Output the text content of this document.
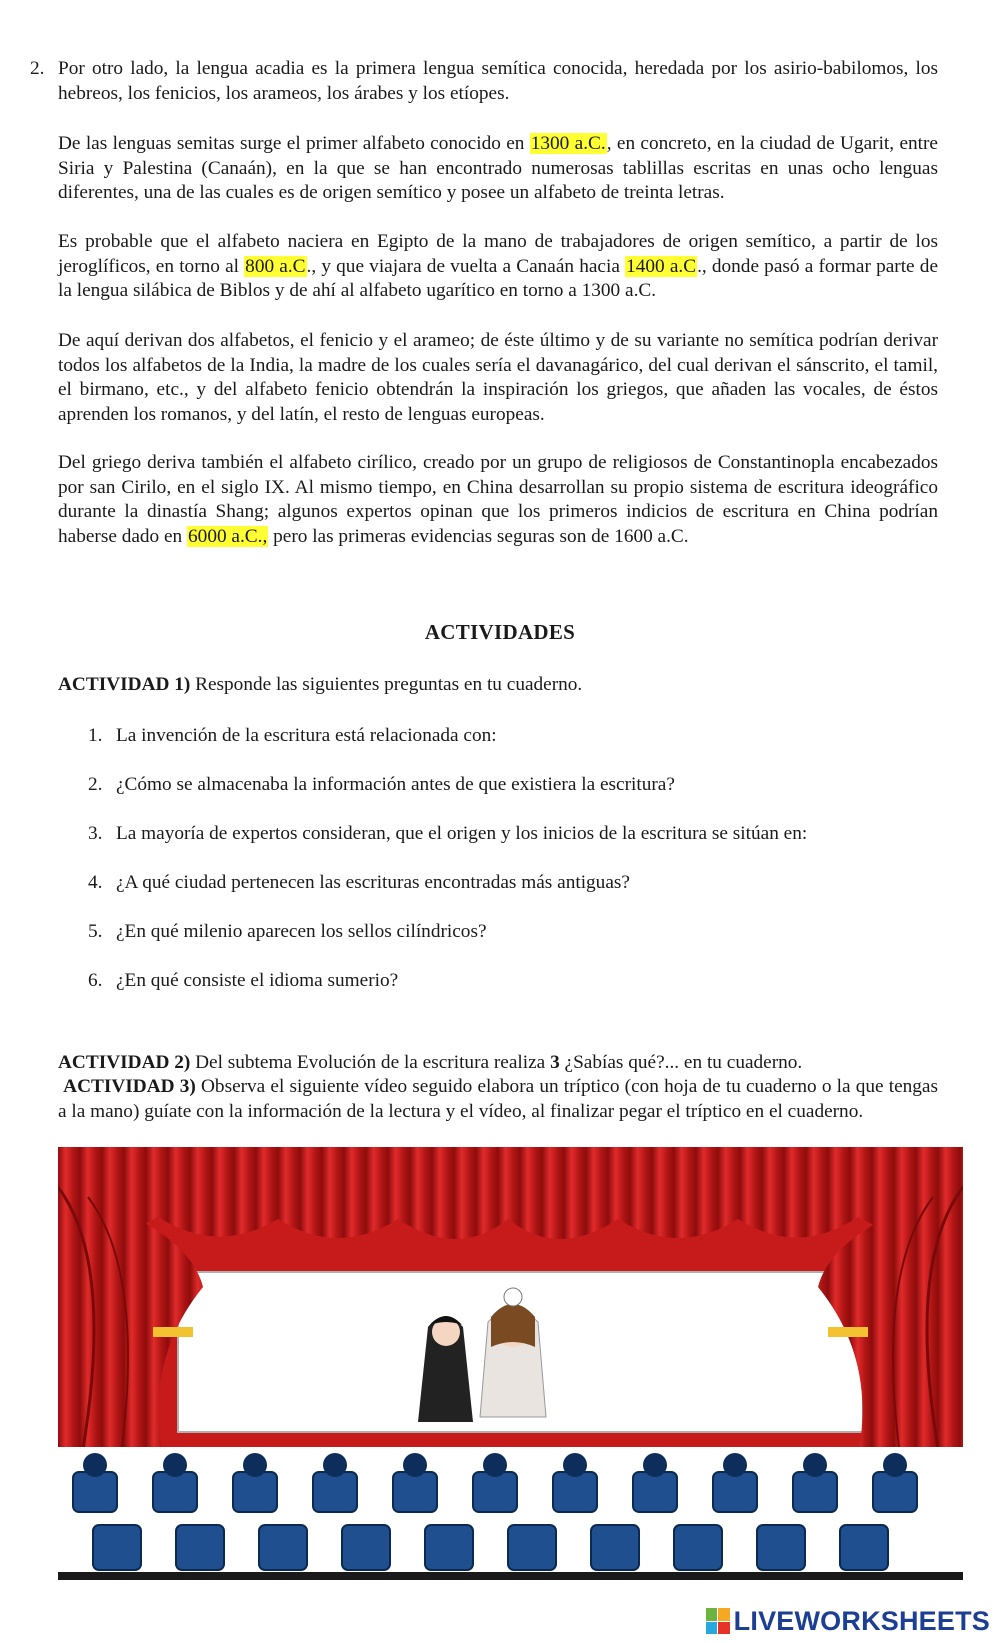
2. Por otro lado, la lengua acadia es la primera lengua semítica conocida, heredada por los asirio-babilomos, los hebreos, los fenicios, los arameos, los árabes y los etíopes.

De las lenguas semitas surge el primer alfabeto conocido en 1300 a.C., en concreto, en la ciudad de Ugarit, entre Siria y Palestina (Canaán), en la que se han encontrado numerosas tablillas escritas en unas ocho lenguas diferentes, una de las cuales es de origen semítico y posee un alfabeto de treinta letras.

Es probable que el alfabeto naciera en Egipto de la mano de trabajadores de origen semítico, a partir de los jeroglíficos, en torno al 800 a.C., y que viajara de vuelta a Canaán hacia 1400 a.C., donde pasó a formar parte de la lengua silábica de Biblos y de ahí al alfabeto ugarítico en torno a 1300 a.C.

De aquí derivan dos alfabetos, el fenicio y el arameo; de éste último y de su variante no semítica podrían derivar todos los alfabetos de la India, la madre de los cuales sería el davanagárico, del cual derivan el sánscrito, el tamil, el birmano, etc., y del alfabeto fenicio obtendrán la inspiración los griegos, que añaden las vocales, de éstos aprenden los romanos, y del latín, el resto de lenguas europeas.

Del griego deriva también el alfabeto cirílico, creado por un grupo de religiosos de Constantinopla encabezados por san Cirilo, en el siglo IX. Al mismo tiempo, en China desarrollan su propio sistema de escritura ideográfico durante la dinastía Shang; algunos expertos opinan que los primeros indicios de escritura en China podrían haberse dado en 6000 a.C., pero las primeras evidencias seguras son de 1600 a.C.

ACTIVIDADES

ACTIVIDAD 1) Responde las siguientes preguntas en tu cuaderno.

1. La invención de la escritura está relacionada con:

2. ¿Cómo se almacenaba la información antes de que existiera la escritura?

3. La mayoría de expertos consideran, que el origen y los inicios de la escritura se sitúan en:

4. ¿A qué ciudad pertenecen las escrituras encontradas más antiguas?

5. ¿En qué milenio aparecen los sellos cilíndricos?

6. ¿En qué consiste el idioma sumerio?

ACTIVIDAD 2) Del subtema Evolución de la escritura realiza 3 ¿Sabías qué?... en tu cuaderno.

ACTIVIDAD 3) Observa el siguiente vídeo seguido elabora un tríptico (con hoja de tu cuaderno o la que tengas a la mano) guíate con la información de la lectura y el vídeo, al finalizar pegar el tríptico en el cuaderno.

LIVEWORKSHEETS
